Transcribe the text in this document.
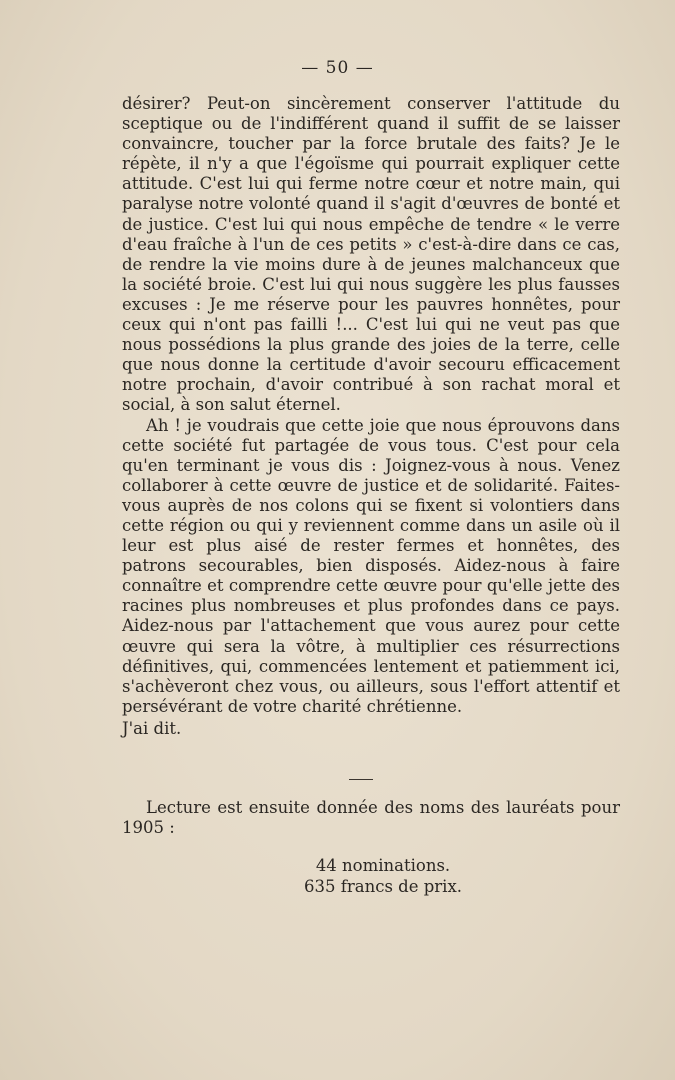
— 50 —

désirer? Peut-on sincèrement conserver l'attitude du sceptique ou de l'indifférent quand il suffit de se laisser convaincre, toucher par la force brutale des faits? Je le répète, il n'y a que l'égoïsme qui pourrait expliquer cette attitude. C'est lui qui ferme notre cœur et notre main, qui paralyse notre volonté quand il s'agit d'œuvres de bonté et de justice. C'est lui qui nous empêche de tendre « le verre d'eau fraîche à l'un de ces petits » c'est-à-dire dans ce cas, de rendre la vie moins dure à de jeunes malchanceux que la société broie. C'est lui qui nous suggère les plus fausses excuses : Je me réserve pour les pauvres honnêtes, pour ceux qui n'ont pas failli !... C'est lui qui ne veut pas que nous possédions la plus grande des joies de la terre, celle que nous donne la certitude d'avoir secouru efficacement notre prochain, d'avoir contribué à son rachat moral et social, à son salut éternel.

Ah ! je voudrais que cette joie que nous éprouvons dans cette société fut partagée de vous tous. C'est pour cela qu'en terminant je vous dis : Joignez-vous à nous. Venez collaborer à cette œuvre de justice et de solidarité. Faites-vous auprès de nos colons qui se fixent si volontiers dans cette région ou qui y reviennent comme dans un asile où il leur est plus aisé de rester fermes et honnêtes, des patrons secourables, bien disposés. Aidez-nous à faire connaître et comprendre cette œuvre pour qu'elle jette des racines plus nombreuses et plus profondes dans ce pays. Aidez-nous par l'attachement que vous aurez pour cette œuvre qui sera la vôtre, à multiplier ces résurrections définitives, qui, commencées lentement et patiemment ici, s'achèveront chez vous, ou ailleurs, sous l'effort attentif et persévérant de votre charité chrétienne.

J'ai dit.

Lecture est ensuite donnée des noms des lauréats pour 1905 :

44 nominations.
635 francs de prix.
